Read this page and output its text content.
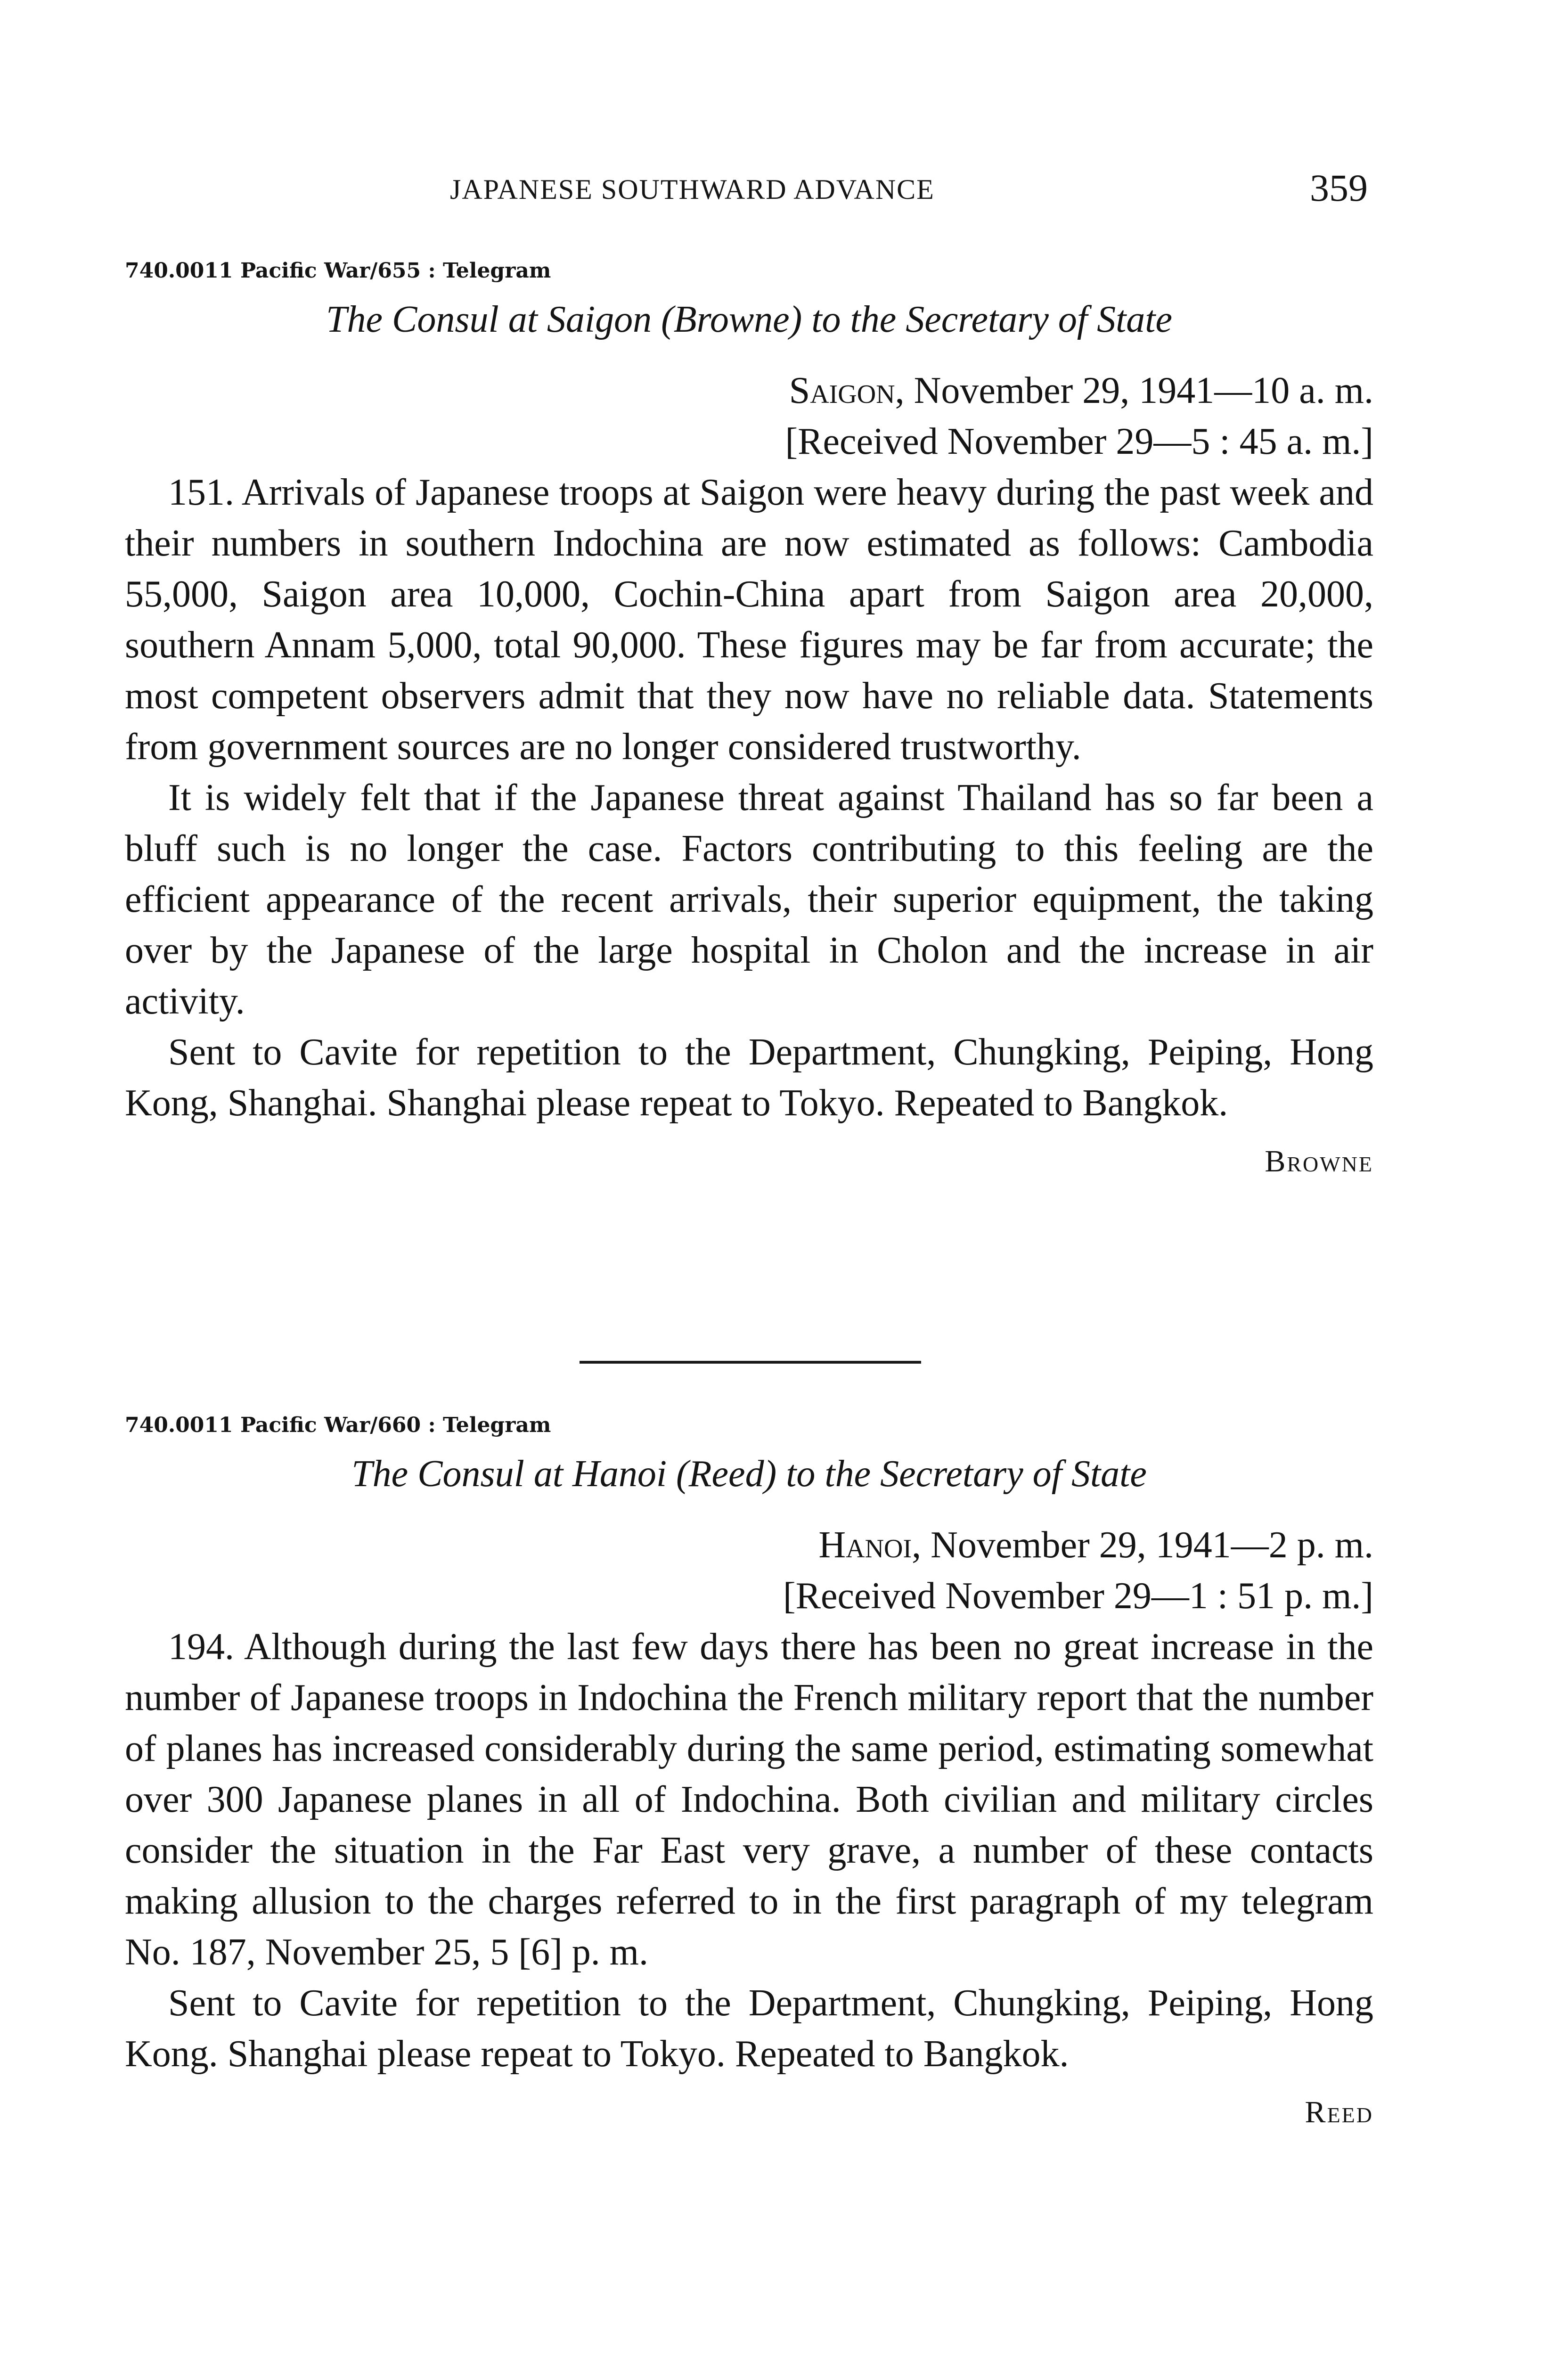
JAPANESE SOUTHWARD ADVANCE	359

740.0011 Pacific War/655 : Telegram

The Consul at Saigon (Browne) to the Secretary of State

Saigon, November 29, 1941—10 a. m.

[Received November 29—5 : 45 a. m.]

151. Arrivals of Japanese troops at Saigon were heavy during the past week and their numbers in southern Indochina are now estimated as follows: Cambodia 55,000, Saigon area 10,000, Cochin-China apart from Saigon area 20,000, southern Annam 5,000, total 90,000. These figures may be far from accurate; the most competent observers admit that they now have no reliable data. Statements from government sources are no longer considered trustworthy.

It is widely felt that if the Japanese threat against Thailand has so far been a bluff such is no longer the case. Factors contributing to this feeling are the efficient appearance of the recent arrivals, their superior equipment, the taking over by the Japanese of the large hospital in Cholon and the increase in air activity.

Sent to Cavite for repetition to the Department, Chungking, Peiping, Hong Kong, Shanghai. Shanghai please repeat to Tokyo. Repeated to Bangkok.

Browne

740.0011 Pacific War/660 : Telegram

The Consul at Hanoi (Reed) to the Secretary of State

Hanoi, November 29, 1941—2 p. m.

[Received November 29—1 : 51 p. m.]

194. Although during the last few days there has been no great increase in the number of Japanese troops in Indochina the French military report that the number of planes has increased considerably during the same period, estimating somewhat over 300 Japanese planes in all of Indochina. Both civilian and military circles consider the situation in the Far East very grave, a number of these contacts making allusion to the charges referred to in the first paragraph of my telegram No. 187, November 25, 5 [6] p. m.

Sent to Cavite for repetition to the Department, Chungking, Peiping, Hong Kong. Shanghai please repeat to Tokyo. Repeated to Bangkok.

Reed
